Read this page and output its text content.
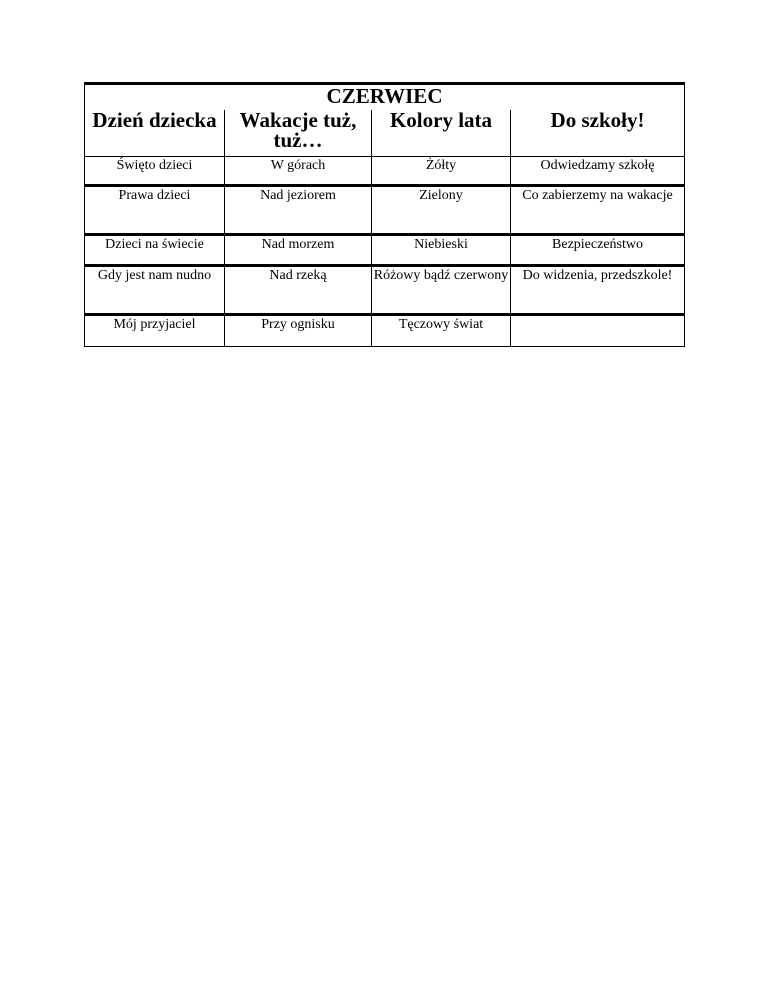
CZERWIEC			
Dzień dziecka	Wakacje tuż, tuż…	Kolory lata	Do szkoły!
Święto dzieci	W górach	Żółty	Odwiedzamy szkołę
Prawa dzieci	Nad jeziorem	Zielony	Co zabierzemy na wakacje
Dzieci na świecie	Nad morzem	Niebieski	Bezpieczeństwo
Gdy jest nam nudno	Nad rzeką	Różowy bądź czerwony	Do widzenia, przedszkole!
Mój przyjaciel	Przy ognisku	Tęczowy świat	
